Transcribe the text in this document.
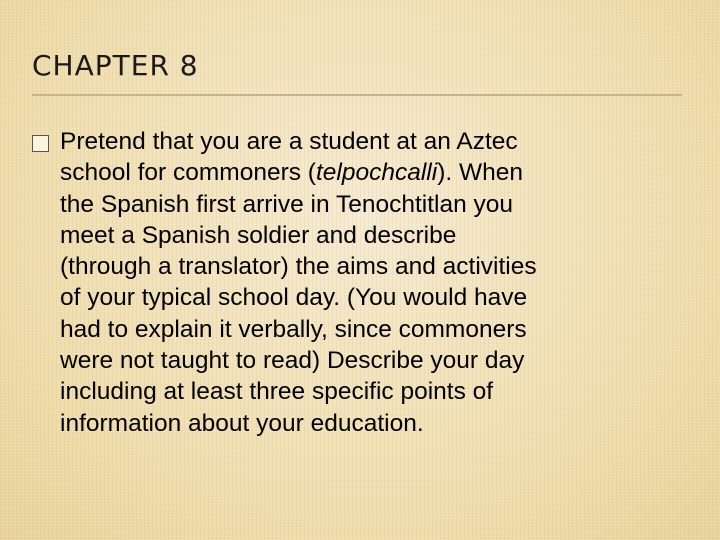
CHAPTER 8
Pretend that you are a student at an Aztec
school for commoners (telpochcalli). When
the Spanish first arrive in Tenochtitlan you
meet a Spanish soldier and describe
(through a translator) the aims and activities
of your typical school day. (You would have
had to explain it verbally, since commoners
were not taught to read) Describe your day
including at least three specific points of
information about your education.
